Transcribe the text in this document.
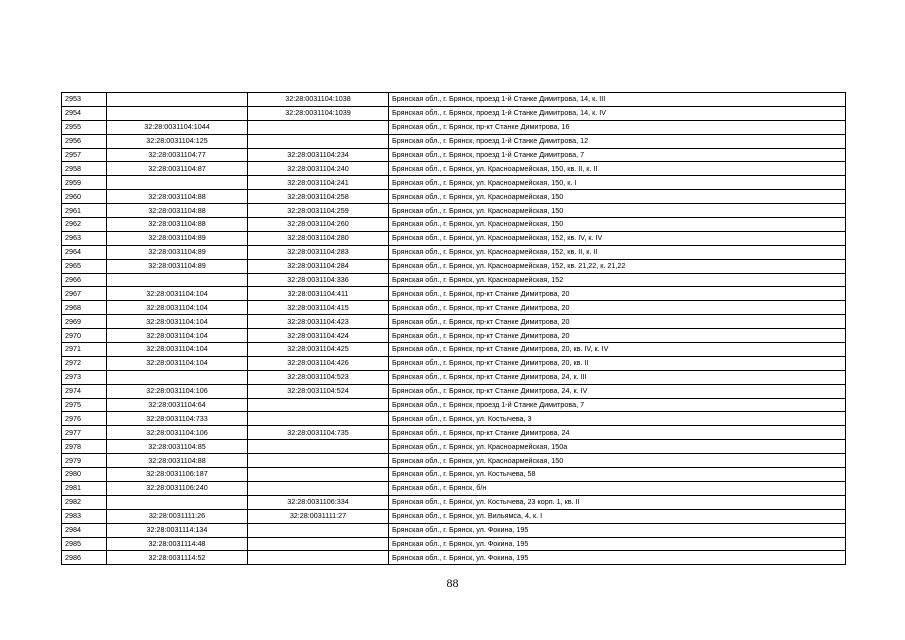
2953		32:28:0031104:1038	Брянская обл., г. Брянск, проезд 1-й Станке Димитрова, 14, к. III
2954		32:28:0031104:1039	Брянская обл., г. Брянск, проезд 1-й Станке Димитрова, 14, к. IV
2955	32:28:0031104:1044		Брянская обл., г. Брянск, пр-кт Станке Димитрова, 16
2956	32:28:0031104:125		Брянская обл., г. Брянск, проезд 1-й Станке Димитрова, 12
2957	32:28:0031104:77	32:28:0031104:234	Брянская обл., г. Брянск, проезд 1-й Станке Димитрова, 7
2958	32:28:0031104:87	32:28:0031104:240	Брянская обл., г. Брянск, ул. Красноармейская, 150, кв. II, к. II
2959		32:28:0031104:241	Брянская обл., г. Брянск, ул. Красноармейская, 150, к. I
2960	32:28:0031104:88	32:28:0031104:258	Брянская обл., г. Брянск, ул. Красноармейская, 150
2961	32:28:0031104:88	32:28:0031104:259	Брянская обл., г. Брянск, ул. Красноармейская, 150
2962	32:28:0031104:88	32:28:0031104:260	Брянская обл., г. Брянск, ул. Красноармейская, 150
2963	32:28:0031104:89	32:28:0031104:280	Брянская обл., г. Брянск, ул. Красноармейская, 152, кв. IV, к. IV
2964	32:28:0031104:89	32:28:0031104:283	Брянская обл., г. Брянск, ул. Красноармейская, 152, кв. II, к. II
2965	32:28:0031104:89	32:28:0031104:284	Брянская обл., г. Брянск, ул. Красноармейская, 152, кв. 21,22, к. 21,22
2966		32:28:0031104:336	Брянская обл., г. Брянск, ул. Красноармейская, 152
2967	32:28:0031104:104	32:28:0031104:411	Брянская обл., г. Брянск, пр-кт Станке Димитрова, 20
2968	32:28:0031104:104	32:28:0031104:415	Брянская обл., г. Брянск, пр-кт Станке Димитрова, 20
2969	32:28:0031104:104	32:28:0031104:423	Брянская обл., г. Брянск, пр-кт Станке Димитрова, 20
2970	32:28:0031104:104	32:28:0031104:424	Брянская обл., г. Брянск, пр-кт Станке Димитрова, 20
2971	32:28:0031104:104	32:28:0031104:425	Брянская обл., г. Брянск, пр-кт Станке Димитрова, 20, кв. IV, к. IV
2972	32:28:0031104:104	32:28:0031104:426	Брянская обл., г. Брянск, пр-кт Станке Димитрова, 20, кв. II
2973		32:28:0031104:523	Брянская обл., г. Брянск, пр-кт Станке Димитрова, 24, к. III
2974	32:28:0031104:106	32:28:0031104:524	Брянская обл., г. Брянск, пр-кт Станке Димитрова, 24, к. IV
2975	32:28:0031104:64		Брянская обл., г. Брянск, проезд 1-й Станке Димитрова, 7
2976	32:28:0031104:733		Брянская обл., г. Брянск, ул. Костычева, 3
2977	32:28:0031104:106	32:28:0031104:735	Брянская обл., г. Брянск, пр-кт Станке Димитрова, 24
2978	32:28:0031104:85		Брянская обл., г. Брянск, ул. Красноармейская, 150а
2979	32:28:0031104:88		Брянская обл., г. Брянск, ул. Красноармейская, 150
2980	32:28:0031106:187		Брянская обл., г. Брянск, ул. Костычева, 58
2981	32:28:0031106:240		Брянская обл., г. Брянск, б/н
2982		32:28:0031106:334	Брянская обл., г. Брянск, ул. Костычева, 23 корп. 1, кв. II
2983	32:28:0031111:26	32:28:0031111:27	Брянская обл., г. Брянск, ул. Вильямса, 4, к. I
2984	32:28:0031114:134		Брянская обл., г. Брянск, ул. Фокина, 195
2985	32:28:0031114:48		Брянская обл., г. Брянск, ул. Фокина, 195
2986	32:28:0031114:52		Брянская обл., г. Брянск, ул. Фокина, 195
88
